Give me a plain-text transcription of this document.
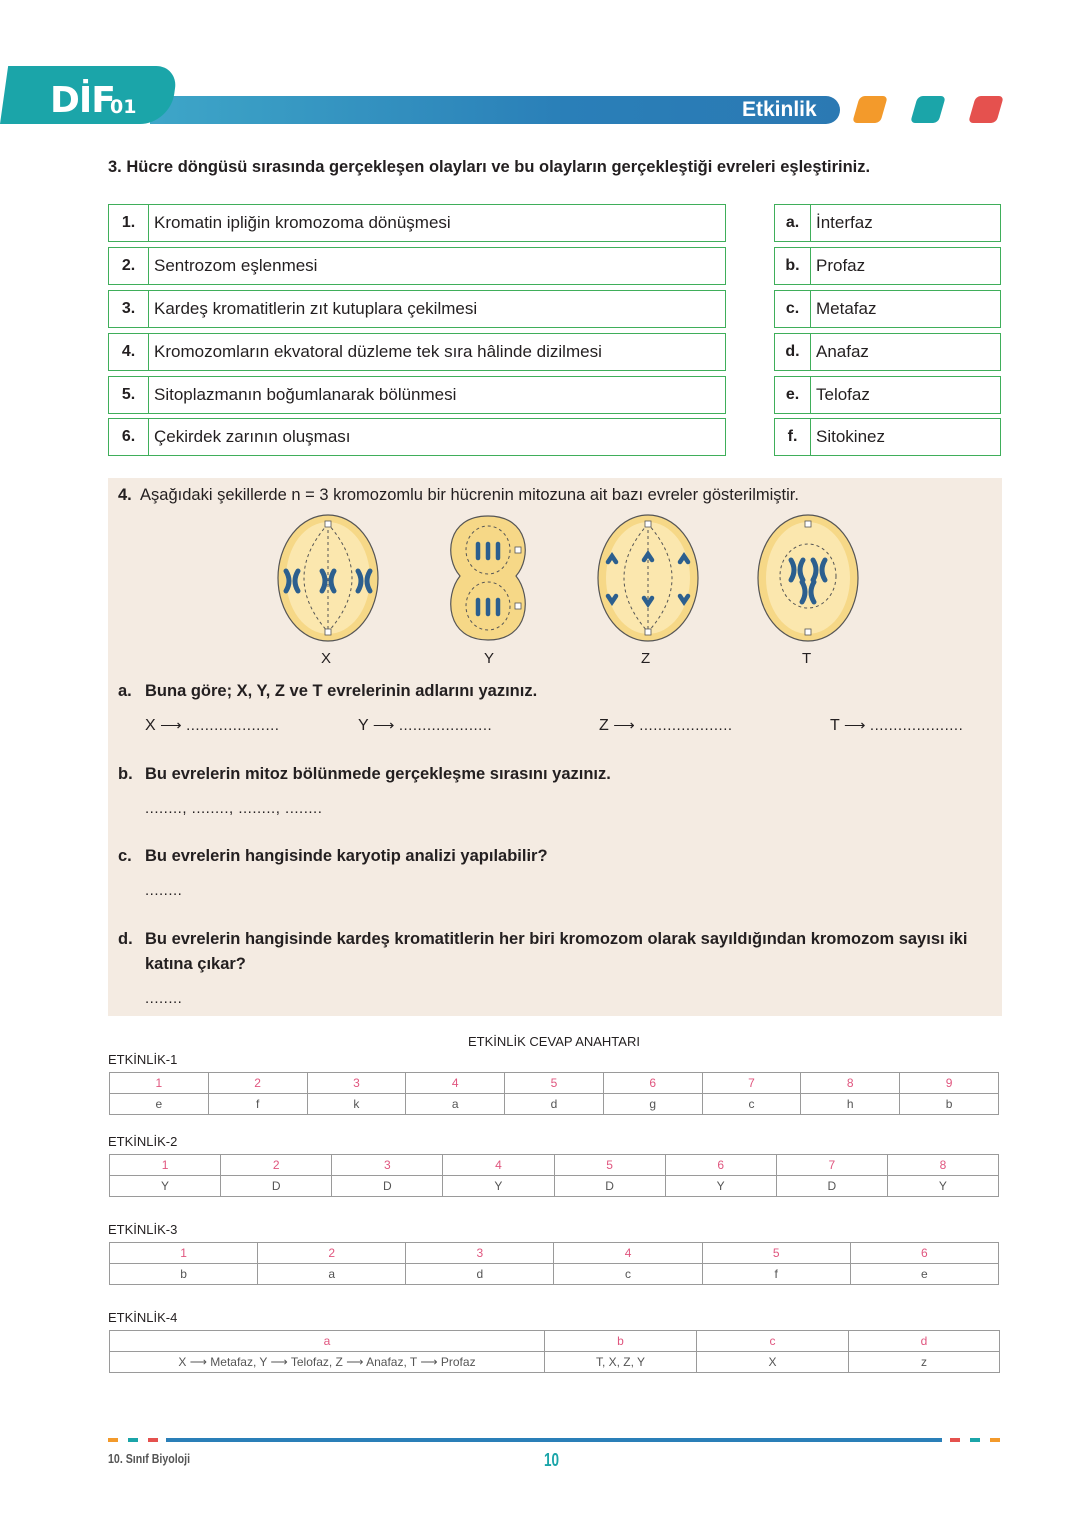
DİF
01	Etkinlik
3. Hücre döngüsü sırasında gerçekleşen olayları ve bu olayların gerçekleştiği evreleri eşleştiriniz.
1.	Kromatin ipliğin kromozoma dönüşmesi
2.	Sentrozom eşlenmesi
3.	Kardeş kromatitlerin zıt kutuplara çekilmesi
4.	Kromozomların ekvatoral düzleme tek sıra hâlinde dizilmesi
5.	Sitoplazmanın boğumlanarak bölünmesi
6.	Çekirdek zarının oluşması
a. İnterfaz
b. Profaz
c. Metafaz
d. Anafaz
e. Telofaz
f.	Sitokinez
4. Aşağıdaki şekillerde n = 3 kromozomlu bir hücrenin mitozuna ait bazı evreler gösterilmiştir.
X	Y	Z	T
a. Buna göre; X, Y, Z ve T evrelerinin adlarını yazınız.
X ⟶ ....................	Y ⟶ ....................	Z ⟶ ....................	T ⟶ ....................
b. Bu evrelerin mitoz bölünmede gerçekleşme sırasını yazınız.
........, ........, ........, ........
c. Bu evrelerin hangisinde karyotip analizi yapılabilir?
........
d. Bu evrelerin hangisinde kardeş kromatitlerin her biri kromozom olarak sayıldığından kromozom sayısı iki
katına çıkar?
........
ETKİNLİK CEVAP ANAHTARI
ETKİNLİK-1
1	2	3	4	5	6	7	8	9
e	f	k	a	d	g	c	h	b
ETKİNLİK-2
1	2	3	4	5	6	7	8
Y	D	D	Y	D	Y	D	Y
ETKİNLİK-3
1	2	3	4	5	6
b	a	d	c	f	e
ETKİNLİK-4
a	b	c	d
X ⟶ Metafaz, Y ⟶ Telofaz, Z ⟶ Anafaz, T ⟶ Profaz	T, X, Z, Y	X	z
10. Sınıf Biyoloji	10
